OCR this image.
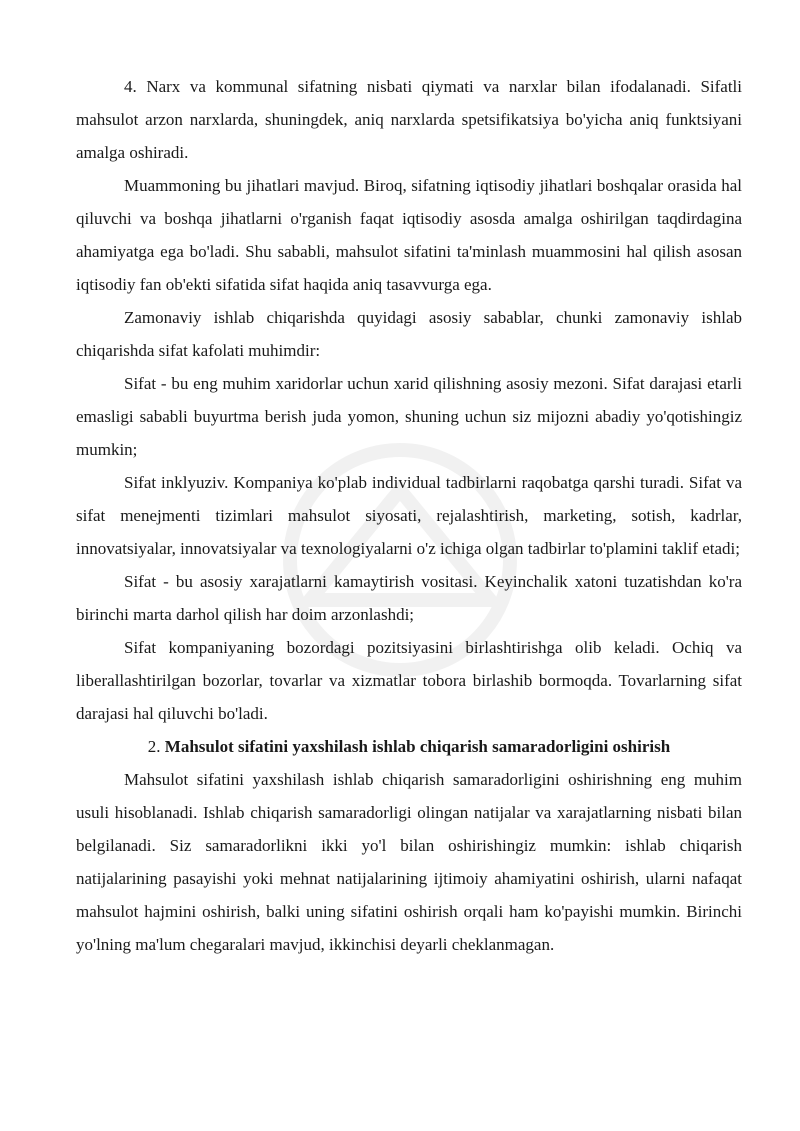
4. Narx va kommunal sifatning nisbati qiymati va narxlar bilan ifodalanadi. Sifatli mahsulot arzon narxlarda, shuningdek, aniq narxlarda spetsifikatsiya bo'yicha aniq funktsiyani amalga oshiradi.

Muammoning bu jihatlari mavjud. Biroq, sifatning iqtisodiy jihatlari boshqalar orasida hal qiluvchi va boshqa jihatlarni o'rganish faqat iqtisodiy asosda amalga oshirilgan taqdirdagina ahamiyatga ega bo'ladi. Shu sababli, mahsulot sifatini ta'minlash muammosini hal qilish asosan iqtisodiy fan ob'ekti sifatida sifat haqida aniq tasavvurga ega.

Zamonaviy ishlab chiqarishda quyidagi asosiy sabablar, chunki zamonaviy ishlab chiqarishda sifat kafolati muhimdir:

Sifat - bu eng muhim xaridorlar uchun xarid qilishning asosiy mezoni. Sifat darajasi etarli emasligi sababli buyurtma berish juda yomon, shuning uchun siz mijozni abadiy yo'qotishingiz mumkin;

Sifat inklyuziv. Kompaniya ko'plab individual tadbirlarni raqobatga qarshi turadi. Sifat va sifat menejmenti tizimlari mahsulot siyosati, rejalashtirish, marketing, sotish, kadrlar, innovatsiyalar, innovatsiyalar va texnologiyalarni o'z ichiga olgan tadbirlar to'plamini taklif etadi;

Sifat - bu asosiy xarajatlarni kamaytirish vositasi. Keyinchalik xatoni tuzatishdan ko'ra birinchi marta darhol qilish har doim arzonlashdi;

Sifat kompaniyaning bozordagi pozitsiyasini birlashtirishga olib keladi. Ochiq va liberallashtirilgan bozorlar, tovarlar va xizmatlar tobora birlashib bormoqda. Tovarlarning sifat darajasi hal qiluvchi bo'ladi.

2. Mahsulot sifatini yaxshilash ishlab chiqarish samaradorligini oshirish

Mahsulot sifatini yaxshilash ishlab chiqarish samaradorligini oshirishning eng muhim usuli hisoblanadi. Ishlab chiqarish samaradorligi olingan natijalar va xarajatlarning nisbati bilan belgilanadi. Siz samaradorlikni ikki yo'l bilan oshirishingiz mumkin: ishlab chiqarish natijalarining pasayishi yoki mehnat natijalarining ijtimoiy ahamiyatini oshirish, ularni nafaqat mahsulot hajmini oshirish, balki uning sifatini oshirish orqali ham ko'payishi mumkin. Birinchi yo'lning ma'lum chegaralari mavjud, ikkinchisi deyarli cheklanmagan.
